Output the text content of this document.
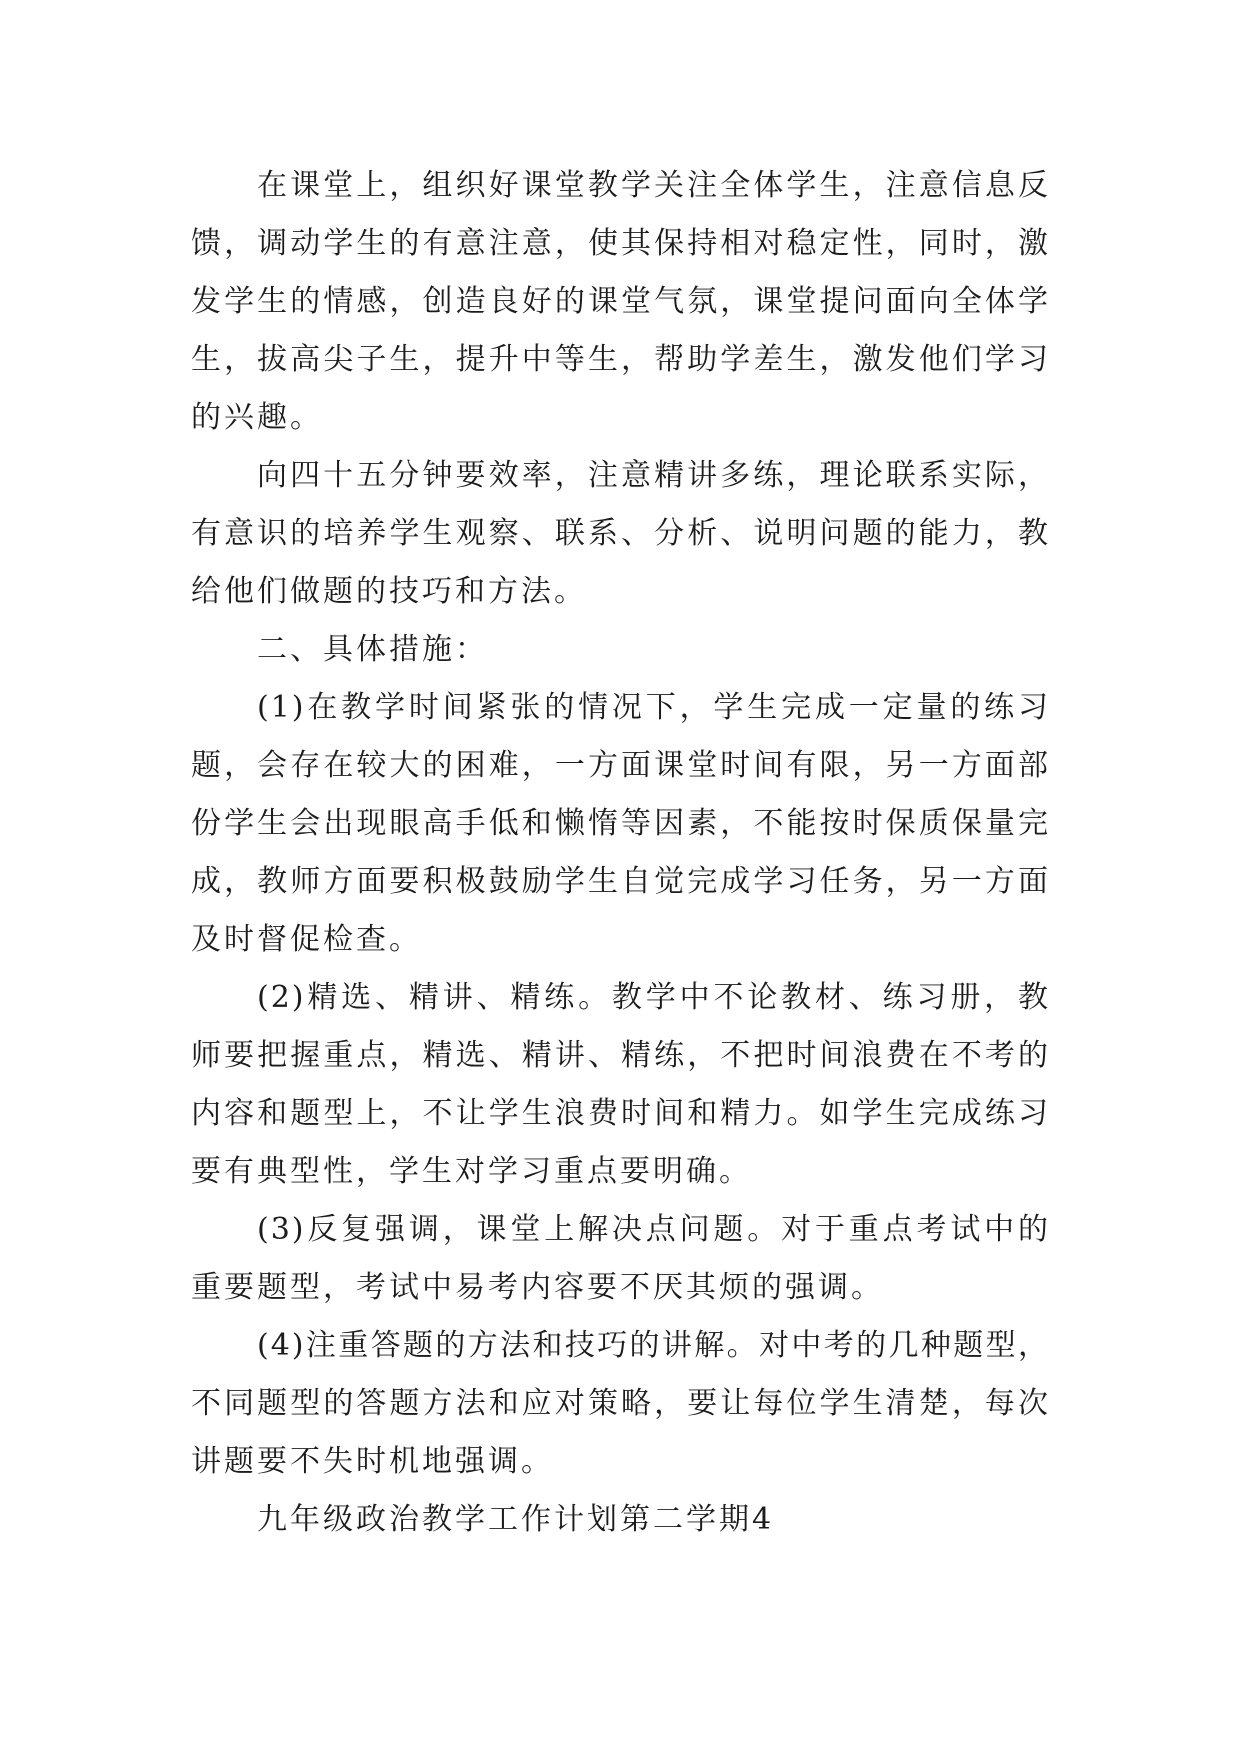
在课堂上，组织好课堂教学关注全体学生，注意信息反
馈，调动学生的有意注意，使其保持相对稳定性，同时，激
发学生的情感，创造良好的课堂气氛，课堂提问面向全体学
生，拔高尖子生，提升中等生，帮助学差生，激发他们学习
的兴趣。
向四十五分钟要效率，注意精讲多练，理论联系实际，
有意识的培养学生观察、联系、分析、说明问题的能力，教
给他们做题的技巧和方法。
二、具体措施：
(1)在教学时间紧张的情况下，学生完成一定量的练习
题，会存在较大的困难，一方面课堂时间有限，另一方面部
份学生会出现眼高手低和懒惰等因素，不能按时保质保量完
成，教师方面要积极鼓励学生自觉完成学习任务，另一方面
及时督促检查。
(2)精选、精讲、精练。教学中不论教材、练习册，教
师要把握重点，精选、精讲、精练，不把时间浪费在不考的
内容和题型上，不让学生浪费时间和精力。如学生完成练习
要有典型性，学生对学习重点要明确。
(3)反复强调，课堂上解决点问题。对于重点考试中的
重要题型，考试中易考内容要不厌其烦的强调。
(4)注重答题的方法和技巧的讲解。对中考的几种题型，
不同题型的答题方法和应对策略，要让每位学生清楚，每次
讲题要不失时机地强调。
九年级政治教学工作计划第二学期4
